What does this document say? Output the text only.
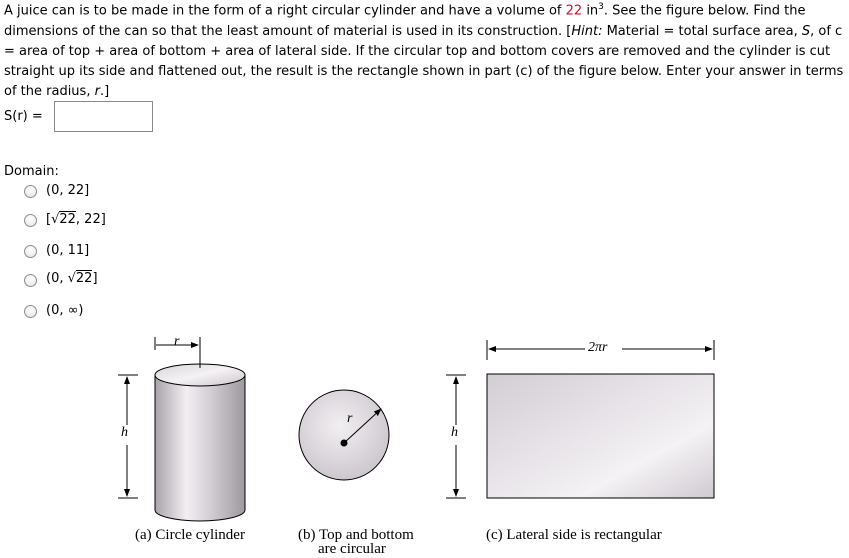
A juice can is to be made in the form of a right circular cylinder and have a volume of 22 $in^3$. See the figure below. Find the
dimensions of the can so that the least amount of material is used in its construction. [Hint: Material = total surface area, S, of c
= area of top + area of bottom + area of lateral side. If the circular top and bottom covers are removed and the cylinder is cut
straight up its side and flattened out, the result is the rectangle shown in part (c) of the figure below. Enter your answer in terms
of the radius, r.]
S(r) =
Domain:
(0, 22]
[√22, 22]
(0, 11]
(0, √22]
(0, ∞)
r
h
r
h
2πr
(a) Circle cylinder	(b) Top and bottom
are circular
(c) Lateral side is rectangular
